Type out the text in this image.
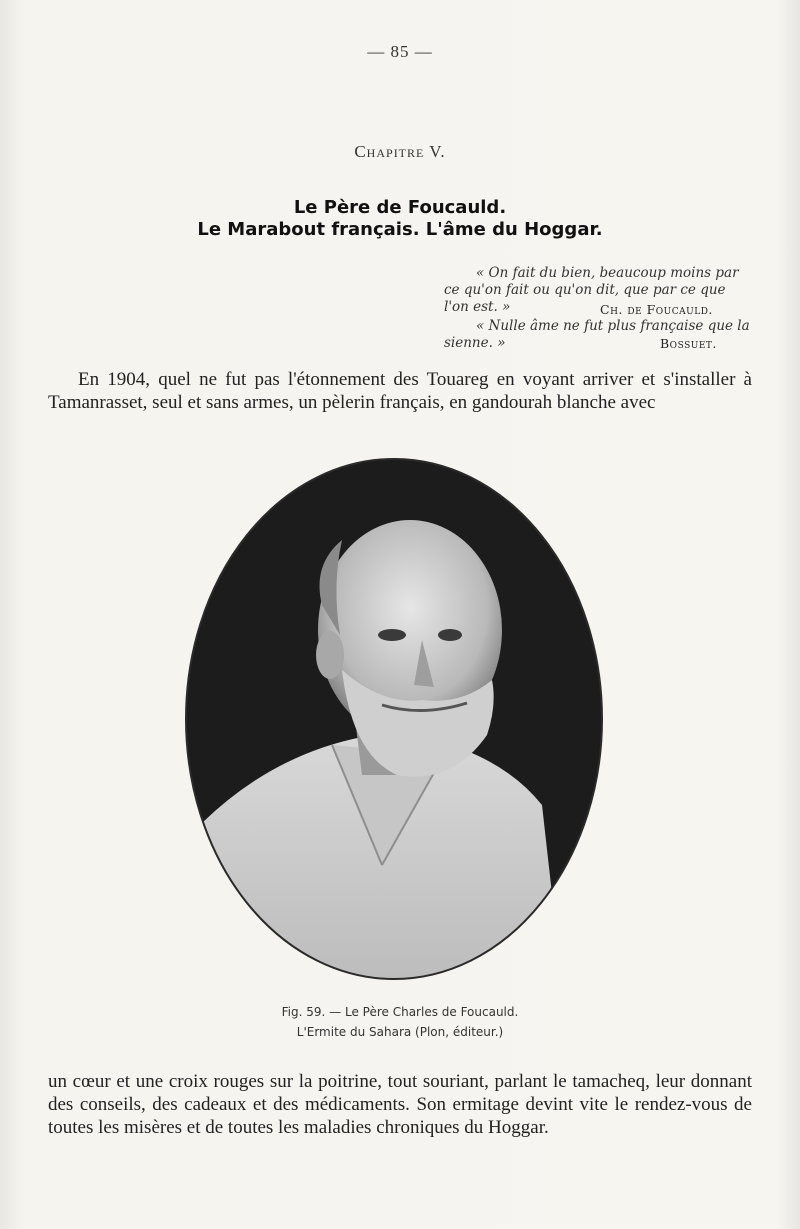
— 85 —
Chapitre V.
Le Père de Foucauld.
Le Marabout français. L'âme du Hoggar.
« On fait du bien, beaucoup moins par ce qu'on fait ou qu'on dit, que par ce que l'on est. »	Ch. de Foucauld.
« Nulle âme ne fut plus française que la sienne. »	Bossuet.
En 1904, quel ne fut pas l'étonnement des Touareg en voyant arriver et s'installer à Tamanrasset, seul et sans armes, un pèlerin français, en gandourah blanche avec
Fig. 59. — Le Père Charles de Foucauld.
L'Ermite du Sahara (Plon, éditeur.)
un cœur et une croix rouges sur la poitrine, tout souriant, parlant le tamacheq, leur donnant des conseils, des cadeaux et des médicaments. Son ermitage devint vite le rendez-vous de toutes les misères et de toutes les maladies chroniques du Hoggar.
